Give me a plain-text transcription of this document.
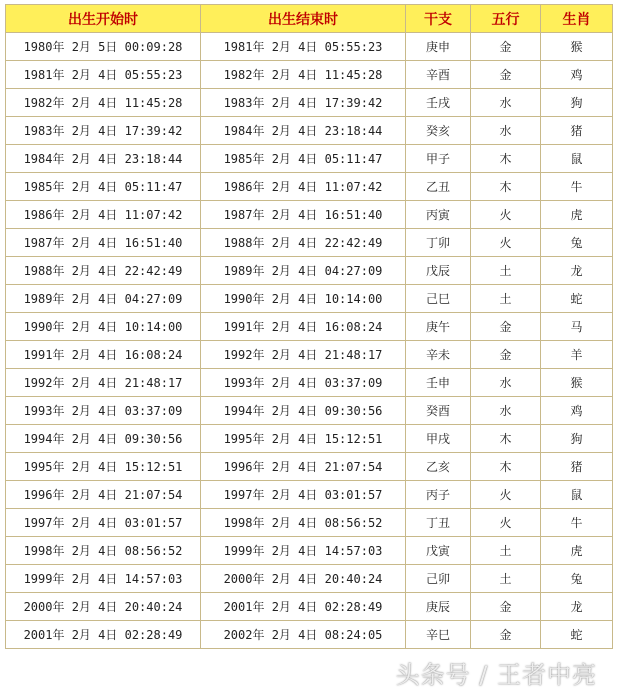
出生开始时	出生结束时	干支	五行	生肖
1980年 2月 5日 00:09:28	1981年 2月 4日 05:55:23	庚申	金	猴
1981年 2月 4日 05:55:23	1982年 2月 4日 11:45:28	辛酉	金	鸡
1982年 2月 4日 11:45:28	1983年 2月 4日 17:39:42	壬戌	水	狗
1983年 2月 4日 17:39:42	1984年 2月 4日 23:18:44	癸亥	水	猪
1984年 2月 4日 23:18:44	1985年 2月 4日 05:11:47	甲子	木	鼠
1985年 2月 4日 05:11:47	1986年 2月 4日 11:07:42	乙丑	木	牛
1986年 2月 4日 11:07:42	1987年 2月 4日 16:51:40	丙寅	火	虎
1987年 2月 4日 16:51:40	1988年 2月 4日 22:42:49	丁卯	火	兔
1988年 2月 4日 22:42:49	1989年 2月 4日 04:27:09	戊辰	土	龙
1989年 2月 4日 04:27:09	1990年 2月 4日 10:14:00	己巳	土	蛇
1990年 2月 4日 10:14:00	1991年 2月 4日 16:08:24	庚午	金	马
1991年 2月 4日 16:08:24	1992年 2月 4日 21:48:17	辛未	金	羊
1992年 2月 4日 21:48:17	1993年 2月 4日 03:37:09	壬申	水	猴
1993年 2月 4日 03:37:09	1994年 2月 4日 09:30:56	癸酉	水	鸡
1994年 2月 4日 09:30:56	1995年 2月 4日 15:12:51	甲戌	木	狗
1995年 2月 4日 15:12:51	1996年 2月 4日 21:07:54	乙亥	木	猪
1996年 2月 4日 21:07:54	1997年 2月 4日 03:01:57	丙子	火	鼠
1997年 2月 4日 03:01:57	1998年 2月 4日 08:56:52	丁丑	火	牛
1998年 2月 4日 08:56:52	1999年 2月 4日 14:57:03	戊寅	土	虎
1999年 2月 4日 14:57:03	2000年 2月 4日 20:40:24	己卯	土	兔
2000年 2月 4日 20:40:24	2001年 2月 4日 02:28:49	庚辰	金	龙
2001年 2月 4日 02:28:49	2002年 2月 4日 08:24:05	辛巳	金	蛇
头条号 / 王者中亮
